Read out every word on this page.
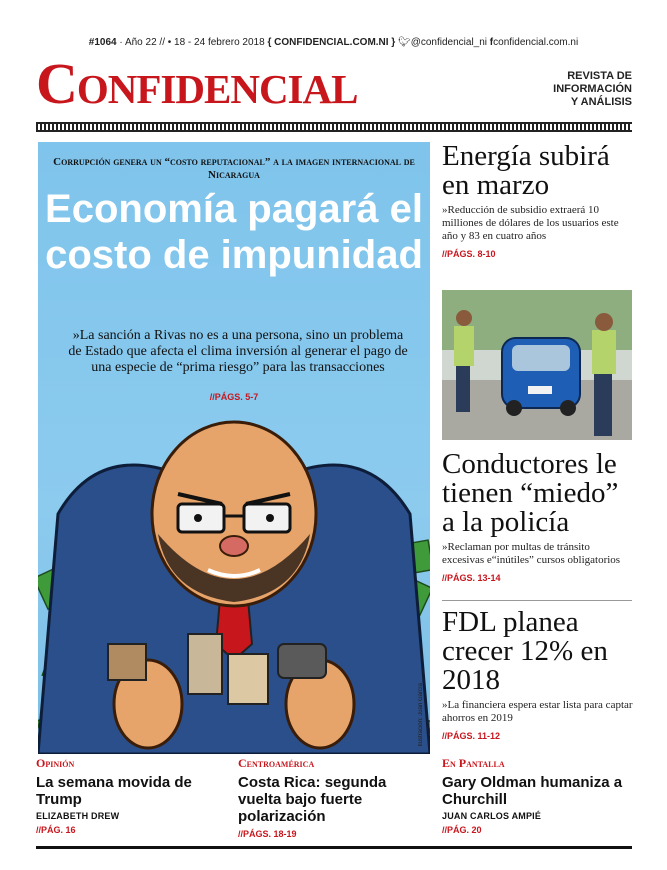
#1064 · Año 22 // • 18 - 24 febrero 2018 { CONFIDENCIAL.COM.NI } 🐦︎@confidencial_ni fconfidencial.com.ni
Confidencial	REVISTA DE
INFORMACIÓN
Y ANÁLISIS
Corrupción genera un “costo reputacional” a la imagen internacional de Nicaragua
Economía pagará el costo de impunidad
»La sanción a Rivas no es a una persona, sino un problema de Estado que afecta el clima inversión al generar el pago de una especie de “prima riesgo” para las transacciones
//PÁGS. 5-7
Ilustración: Juan García
Energía subirá en marzo
»Reducción de subsidio extraerá 10 milliones de dólares de los usuarios este año y 83 en cuatro años
//PÁGS. 8-10
Conductores le tienen “miedo” a la policía
»Reclaman por multas de tránsito excesivas e“inútiles” cursos obligatorios
//PÁGS. 13-14
FDL planea crecer 12% en 2018
»La financiera espera estar lista para captar ahorros en 2019
//PÁGS. 11-12
Opinión
La semana movida de Trump
ELIZABETH DREW
//PÁG. 16
Centroamérica
Costa Rica: segunda vuelta bajo fuerte polarización
//PÁGS. 18-19
En Pantalla
Gary Oldman humaniza a Churchill
JUAN CARLOS AMPIÉ
//PÁG. 20
